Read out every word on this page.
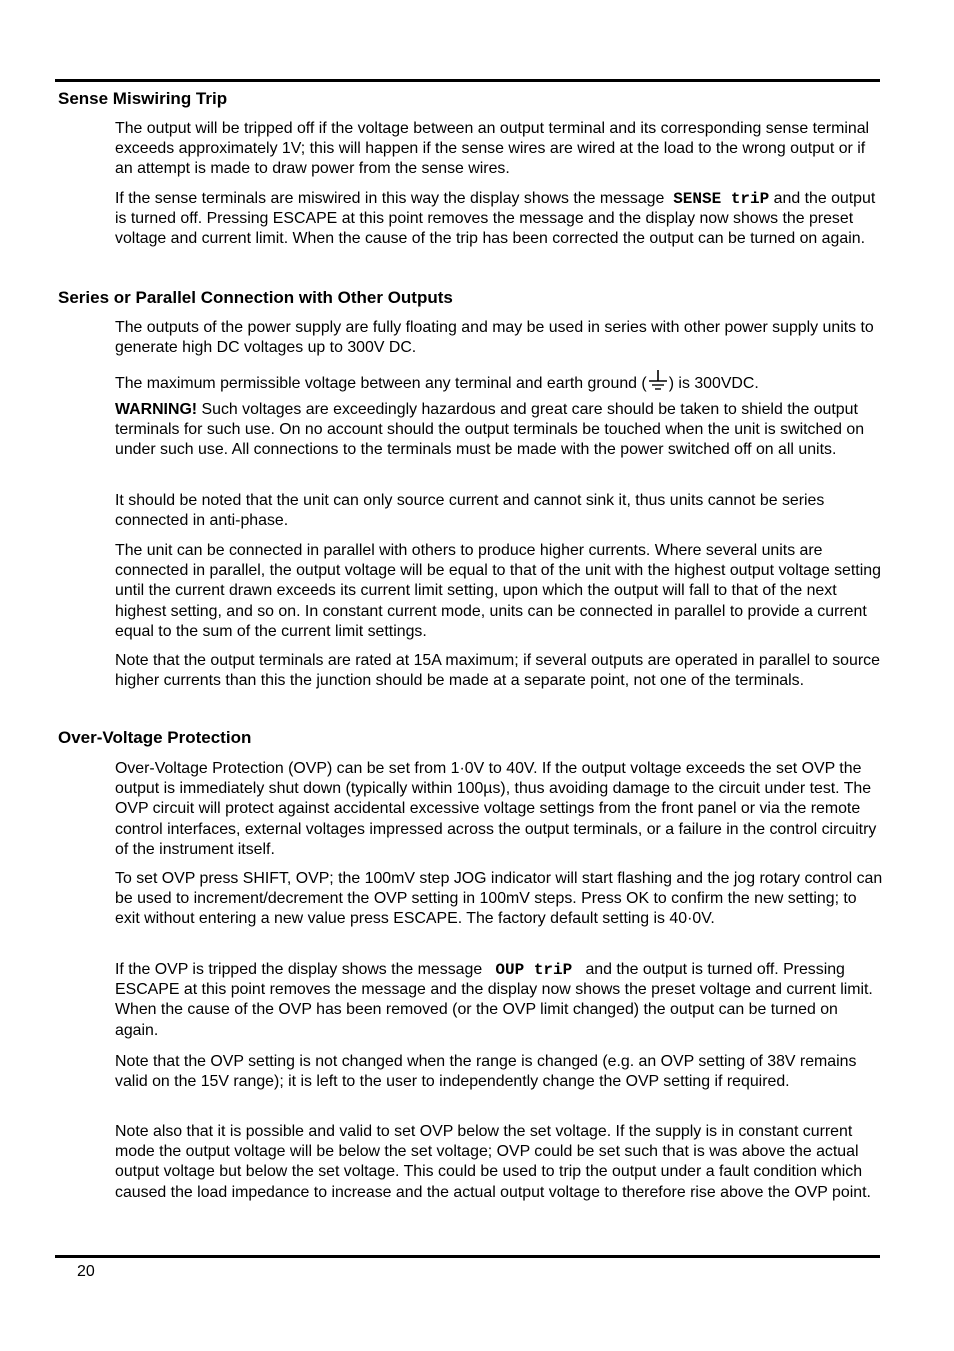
Sense Miswiring Trip

The output will be tripped off if the voltage between an output terminal and its corresponding sense terminal exceeds approximately 1V; this will happen if the sense wires are wired at the load to the wrong output or if an attempt is made to draw power from the sense wires.

If the sense terminals are miswired in this way the display shows the message SENSE triP and the output is turned off. Pressing ESCAPE at this point removes the message and the display now shows the preset voltage and current limit. When the cause of the trip has been corrected the output can be turned on again.

Series or Parallel Connection with Other Outputs

The outputs of the power supply are fully floating and may be used in series with other power supply units to generate high DC voltages up to 300V DC.

The maximum permissible voltage between any terminal and earth ground ( ) is 300VDC.

WARNING! Such voltages are exceedingly hazardous and great care should be taken to shield the output terminals for such use. On no account should the output terminals be touched when the unit is switched on under such use. All connections to the terminals must be made with the power switched off on all units.

It should be noted that the unit can only source current and cannot sink it, thus units cannot be series connected in anti-phase.

The unit can be connected in parallel with others to produce higher currents. Where several units are connected in parallel, the output voltage will be equal to that of the unit with the highest output voltage setting until the current drawn exceeds its current limit setting, upon which the output will fall to that of the next highest setting, and so on. In constant current mode, units can be connected in parallel to provide a current equal to the sum of the current limit settings.

Note that the output terminals are rated at 15A maximum; if several outputs are operated in parallel to source higher currents than this the junction should be made at a separate point, not one of the terminals.

Over-Voltage Protection

Over-Voltage Protection (OVP) can be set from 1·0V to 40V. If the output voltage exceeds the set OVP the output is immediately shut down (typically within 100µs), thus avoiding damage to the circuit under test. The OVP circuit will protect against accidental excessive voltage settings from the front panel or via the remote control interfaces, external voltages impressed across the output terminals, or a failure in the control circuitry of the instrument itself.

To set OVP press SHIFT, OVP; the 100mV step JOG indicator will start flashing and the jog rotary control can be used to increment/decrement the OVP setting in 100mV steps. Press OK to confirm the new setting; to exit without entering a new value press ESCAPE. The factory default setting is 40·0V.

If the OVP is tripped the display shows the message OUP triP and the output is turned off. Pressing ESCAPE at this point removes the message and the display now shows the preset voltage and current limit. When the cause of the OVP has been removed (or the OVP limit changed) the output can be turned on again.

Note that the OVP setting is not changed when the range is changed (e.g. an OVP setting of 38V remains valid on the 15V range); it is left to the user to independently change the OVP setting if required.

Note also that it is possible and valid to set OVP below the set voltage. If the supply is in constant current mode the output voltage will be below the set voltage; OVP could be set such that is was above the actual output voltage but below the set voltage. This could be used to trip the output under a fault condition which caused the load impedance to increase and the actual output voltage to therefore rise above the OVP point.

20
